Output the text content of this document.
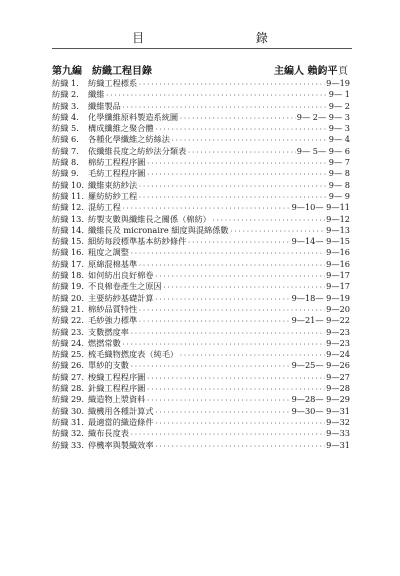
目 錄
第九編 紡織工程目錄	主編人 賴鈞平 頁
紡織 1.	紡織工程標系 ·····	9—19
紡織 2.	纖維 ·····	9— 1
紡織 3.	纖維製品 ·····	9— 2
紡織 4.	化學纖維原料製造系統圖 ·····	9— 2— 9— 3
紡織 5.	構成纖維之聚合體 ·····	9— 3
紡織 6.	各種化學纖維之紡絲法 ·····	9— 4
紡織 7.	依纖維長度之紡紗法分類表 ·····	9— 5— 9— 6
紡織 8.	棉紡工程程序圖 ·····	9— 7
紡織 9.	毛紡工程程序圖 ·····	9— 8
紡織 10. 纖維束紡紗法 ·····	9— 8
紡織 11. 羅紡紡紗工程 ·····	9— 9
紡織 12. 混紡工程 ·····	9—10— 9—11
紡織 13. 紡製支數與纖維長之關係（棉紡） ·····	9—12
紡織 14. 纖維長及 micronaire 細度與混綿係數 ·····	9—13
紡織 15. 細紡每段標準基本紡紗條件 ·····	9—14— 9—15
紡織 16. 粗度之調整 ·····	9—16
紡織 17. 原綿混棉基準 ·····	9—16
紡織 18. 如何紡出良好棉卷 ·····	9—17
紡織 19. 不良棉卷產生之原因 ·····	9—17
紡織 20. 主要紡紗基礎計算 ·····	9—18— 9—19
紡織 21. 棉紗品質特性 ·····	9—20
紡織 22. 毛紗強力標準 ·····	9—21— 9—22
紡織 23. 支數撚度率 ·····	9—23
紡織 24. 燃撚常數 ·····	9—23
紡織 25. 梳毛織物撚度表（純毛） ·····	9—24
紡織 26. 單紗的支數 ·····	9—25— 9—26
紡織 27. 梭織工程程序圖 ·····	9—27
紡織 28. 針織工程程序圖 ·····	9—28
紡織 29. 織造物上漿資料 ·····	9—28— 9—29
紡織 30. 織機用各種計算式 ·····	9—30— 9—31
紡織 31. 最適當的織造條件 ·····	9—32
紡織 32. 織布長度表 ·····	9—33
紡織 33. 停機率與製織效率 ·····	9—31
